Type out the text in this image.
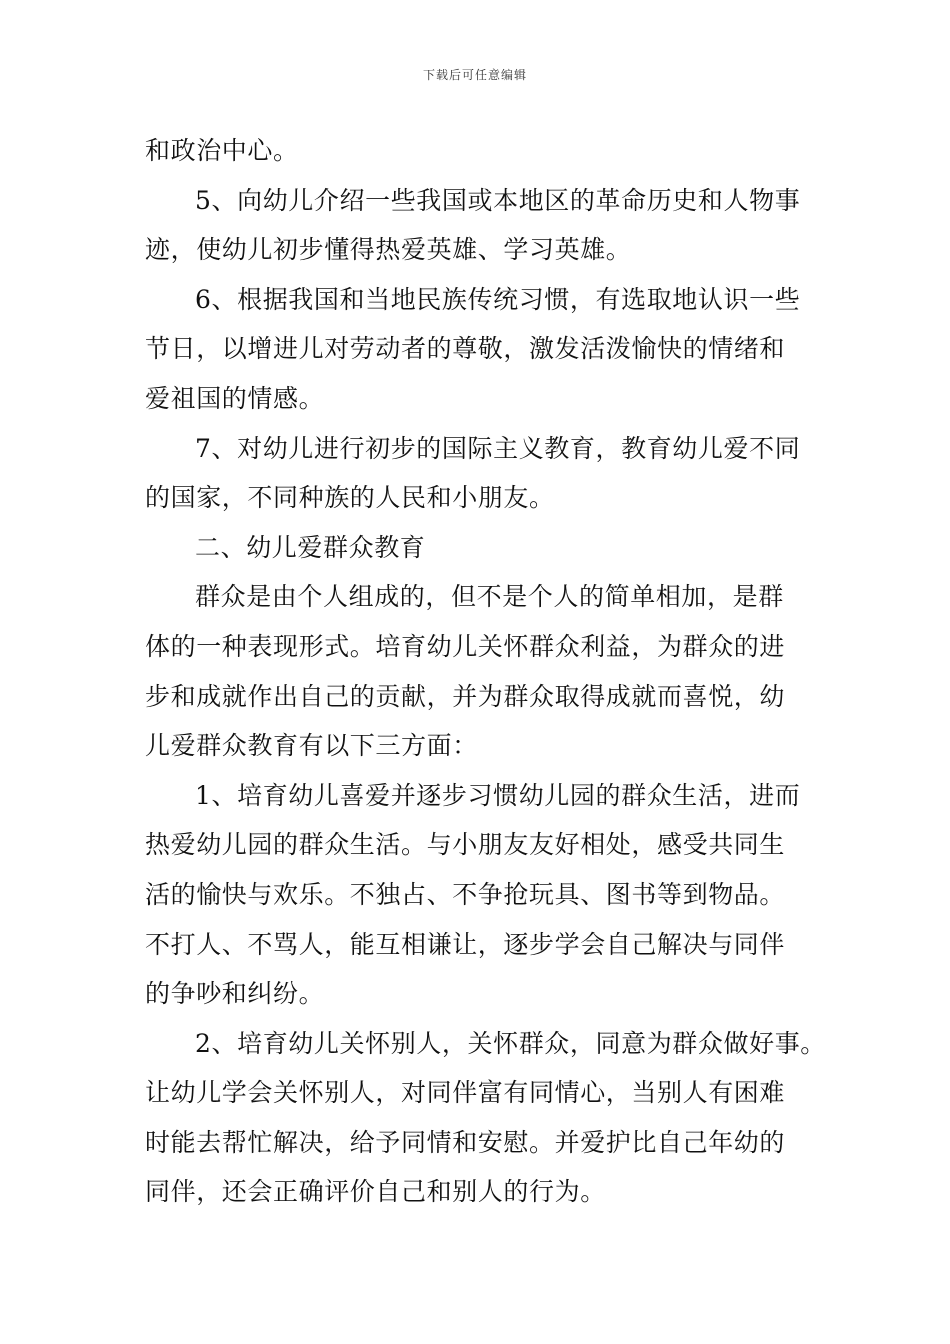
下载后可任意编辑
和政治中心。
5、向幼儿介绍一些我国或本地区的革命历史和人物事
迹，使幼儿初步懂得热爱英雄、学习英雄。
6、根据我国和当地民族传统习惯，有选取地认识一些
节日，以增进儿对劳动者的尊敬，激发活泼愉快的情绪和
爱祖国的情感。
7、对幼儿进行初步的国际主义教育，教育幼儿爱不同
的国家，不同种族的人民和小朋友。
二、幼儿爱群众教育
群众是由个人组成的，但不是个人的简单相加，是群
体的一种表现形式。培育幼儿关怀群众利益，为群众的进
步和成就作出自己的贡献，并为群众取得成就而喜悦，幼
儿爱群众教育有以下三方面：
1、培育幼儿喜爱并逐步习惯幼儿园的群众生活，进而
热爱幼儿园的群众生活。与小朋友友好相处，感受共同生
活的愉快与欢乐。不独占、不争抢玩具、图书等到物品。
不打人、不骂人，能互相谦让，逐步学会自己解决与同伴
的争吵和纠纷。
2、培育幼儿关怀别人，关怀群众，同意为群众做好事。
让幼儿学会关怀别人，对同伴富有同情心，当别人有困难
时能去帮忙解决，给予同情和安慰。并爱护比自己年幼的
同伴，还会正确评价自己和别人的行为。
